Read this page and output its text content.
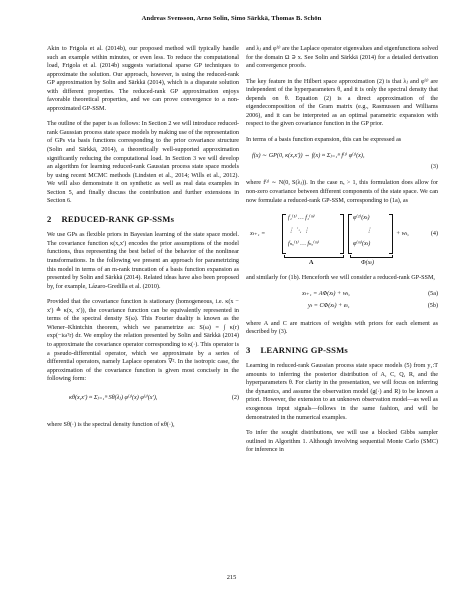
Andreas Svensson, Arno Solin, Simo Särkkä, Thomas B. Schön

Akin to Frigola et al. (2014b), our proposed method will typically handle such an example within minutes, or even less. To reduce the computational load, Frigola et al. (2014b) suggests variational sparse GP techniques to approximate the solution. Our approach, however, is using the reduced-rank GP approximation by Solin and Särkkä (2014), which is a disparate solution with different properties. The reduced-rank GP approximation enjoys favorable theoretical properties, and we can prove convergence to a non-approximated GP-SSM.

The outline of the paper is as follows: In Section 2 we will introduce reduced-rank Gaussian process state space models by making use of the representation of GPs via basis functions corresponding to the prior covariance structure (Solin and Särkkä, 2014), a theoretically well-supported approximation significantly reducing the computational load. In Section 3 we will develop an algorithm for learning reduced-rank Gaussian process state space models by using recent MCMC methods (Lindsten et al., 2014; Wills et al., 2012). We will also demonstrate it on synthetic as well as real data examples in Section 5, and finally discuss the contribution and further extensions in Section 6.

2 REDUCED-RANK GP-SSMs

We use GPs as flexible priors in Bayesian learning of the state space model. The covariance function κ(x,x′) encodes the prior assumptions of the model functions, thus representing the best belief of the behavior of the nonlinear transformations. In the following we present an approach for parametrizing this model in terms of an m-rank truncation of a basis function expansion as presented by Solin and Särkkä (2014). Related ideas have also been proposed by, for example, Lázaro-Gredilla et al. (2010).

Provided that the covariance function is stationary (homogeneous, i.e. κ(x − x′) ≜ κ(x, x′)), the covariance function can be equivalently represented in terms of the spectral density S(ω). This Fourier duality is known as the Wiener–Khintchin theorem, which we parametrize as: S(ω) = ∫ κ(r) exp(−iωᵀr) dr. We employ the relation presented by Solin and Särkkä (2014) to approximate the covariance operator corresponding to κ(·). This operator is a pseudo-differential operator, which we approximate by a series of differential operators, namely Laplace operators ∇². In the isotropic case, the approximation of the covariance function is given most concisely in the following form:

κθ(x,x′) ≈ Σⱼ₌₁ᵐ Sθ(λⱼ) φ⁽ʲ⁾(x) φ⁽ʲ⁾(x′),	(2)

where Sθ(·) is the spectral density function of κθ(·),

and λⱼ and φ⁽ʲ⁾ are the Laplace operator eigenvalues and eigenfunctions solved for the domain Ω ∋ x. See Solin and Särkkä (2014) for a detailed derivation and convergence proofs.

The key feature in the Hilbert space approximation (2) is that λⱼ and φ⁽ʲ⁾ are independent of the hyperparameters θ, and it is only the spectral density that depends on θ. Equation (2) is a direct approximation of the eigendecomposition of the Gram matrix (e.g., Rasmussen and Williams 2006), and it can be interpreted as an optimal parametric expansion with respect to the given covariance function in the GP prior.

In terms of a basis function expansion, this can be expressed as

f(x) ∼ GP(0, κ(x,x′)) ⇔ f(x) ≈ Σⱼ₌₁ᵐ f⁽ʲ⁾ φ⁽ʲ⁾(x),
(3)

where f⁽ʲ⁾ ∼ N(0, S(λⱼ)). In the case nₓ > 1, this formulation does allow for non-zero covariance between different components of the state space. We can now formulate a reduced-rank GP-SSM, corresponding to (1a), as

xₜ₊₁ =
f₁⁽¹⁾ … f₁⁽ᵐ⁾
⋮ ⋱ ⋮
fₙₓ⁽¹⁾ … fₙₓ⁽ᵐ⁾
φ⁽¹⁾(xₜ)
⋮
φ⁽ᵐ⁾(xₜ)
A	Φ(xₜ)
+ wₜ,	(4)

and similarly for (1b). Henceforth we will consider a reduced-rank GP-SSM,

xₜ₊₁ = AΦ(xₜ) + wₜ,	(5a)
yₜ = CΦ(xₜ) + eₜ,	(5b)

where A and C are matrices of weights with priors for each element as described by (3).

3 LEARNING GP-SSMs

Learning in reduced-rank Gaussian process state space models (5) from y₁:T amounts to inferring the posterior distribution of A, C, Q, R, and the hyperparameters θ. For clarity in the presentation, we will focus on inferring the dynamics, and assume the observation model (g(·) and R) to be known a priori. However, the extension to an unknown observation model—as well as exogenous input signals—follows in the same fashion, and will be demonstrated in the numerical examples.

To infer the sought distributions, we will use a blocked Gibbs sampler outlined in Algorithm 1. Although involving sequential Monte Carlo (SMC) for inference in

215
